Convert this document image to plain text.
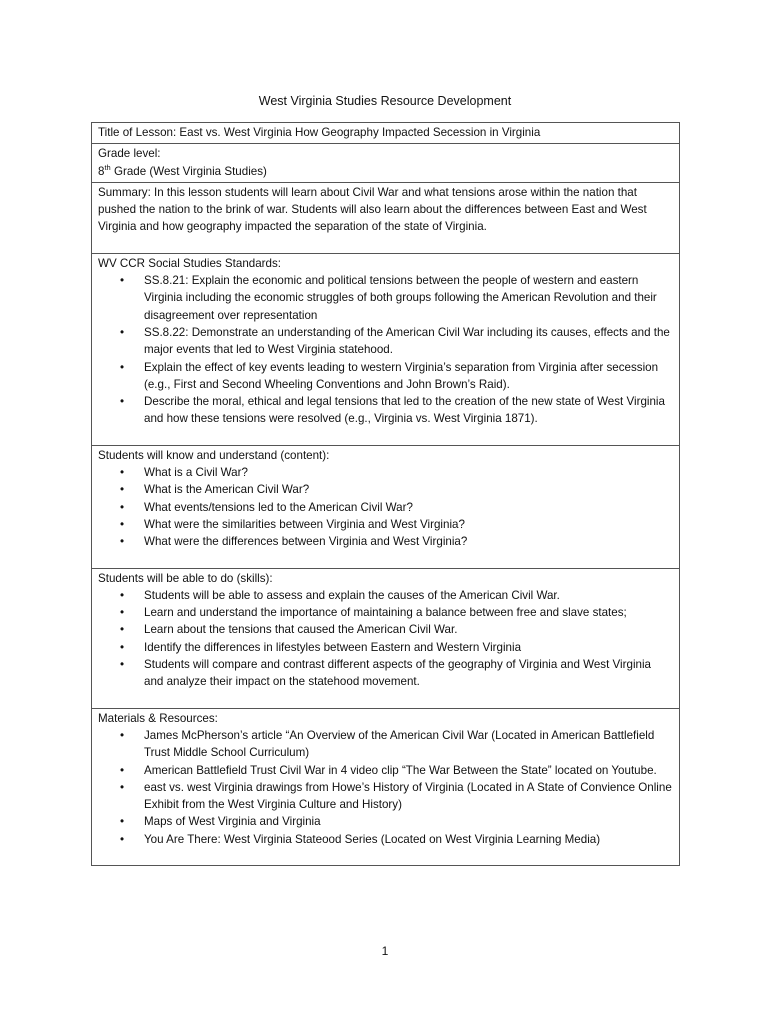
West Virginia Studies Resource Development
Title of Lesson: East vs. West Virginia How Geography Impacted Secession in Virginia

Grade level:
8th Grade (West Virginia Studies)
Summary: In this lesson students will learn about Civil War and what tensions arose within the nation that pushed the nation to the brink of war. Students will also learn about the differences between East and West Virginia and how geography impacted the separation of the state of Virginia.

WV CCR Social Studies Standards:
• SS.8.21: Explain the economic and political tensions between the people of western and eastern Virginia including the economic struggles of both groups following the American Revolution and their disagreement over representation
• SS.8.22: Demonstrate an understanding of the American Civil War including its causes, effects and the major events that led to West Virginia statehood.
• Explain the effect of key events leading to western Virginia’s separation from Virginia after secession (e.g., First and Second Wheeling Conventions and John Brown’s Raid).
• Describe the moral, ethical and legal tensions that led to the creation of the new state of West Virginia and how these tensions were resolved (e.g., Virginia vs. West Virginia 1871).

Students will know and understand (content):
• What is a Civil War?
• What is the American Civil War?
• What events/tensions led to the American Civil War?
• What were the similarities between Virginia and West Virginia?
• What were the differences between Virginia and West Virginia?

Students will be able to do (skills):
• Students will be able to assess and explain the causes of the American Civil War.
• Learn and understand the importance of maintaining a balance between free and slave states;
• Learn about the tensions that caused the American Civil War.
• Identify the differences in lifestyles between Eastern and Western Virginia
• Students will compare and contrast different aspects of the geography of Virginia and West Virginia and analyze their impact on the statehood movement.

Materials & Resources:
• James McPherson’s article “An Overview of the American Civil War (Located in American Battlefield Trust Middle School Curriculum)
• American Battlefield Trust Civil War in 4 video clip “The War Between the State” located on Youtube.
• east vs. west Virginia drawings from Howe’s History of Virginia (Located in A State of Convience Online Exhibit from the West Virginia Culture and History)
• Maps of West Virginia and Virginia
• You Are There: West Virginia Stateood Series (Located on West Virginia Learning Media)
1
